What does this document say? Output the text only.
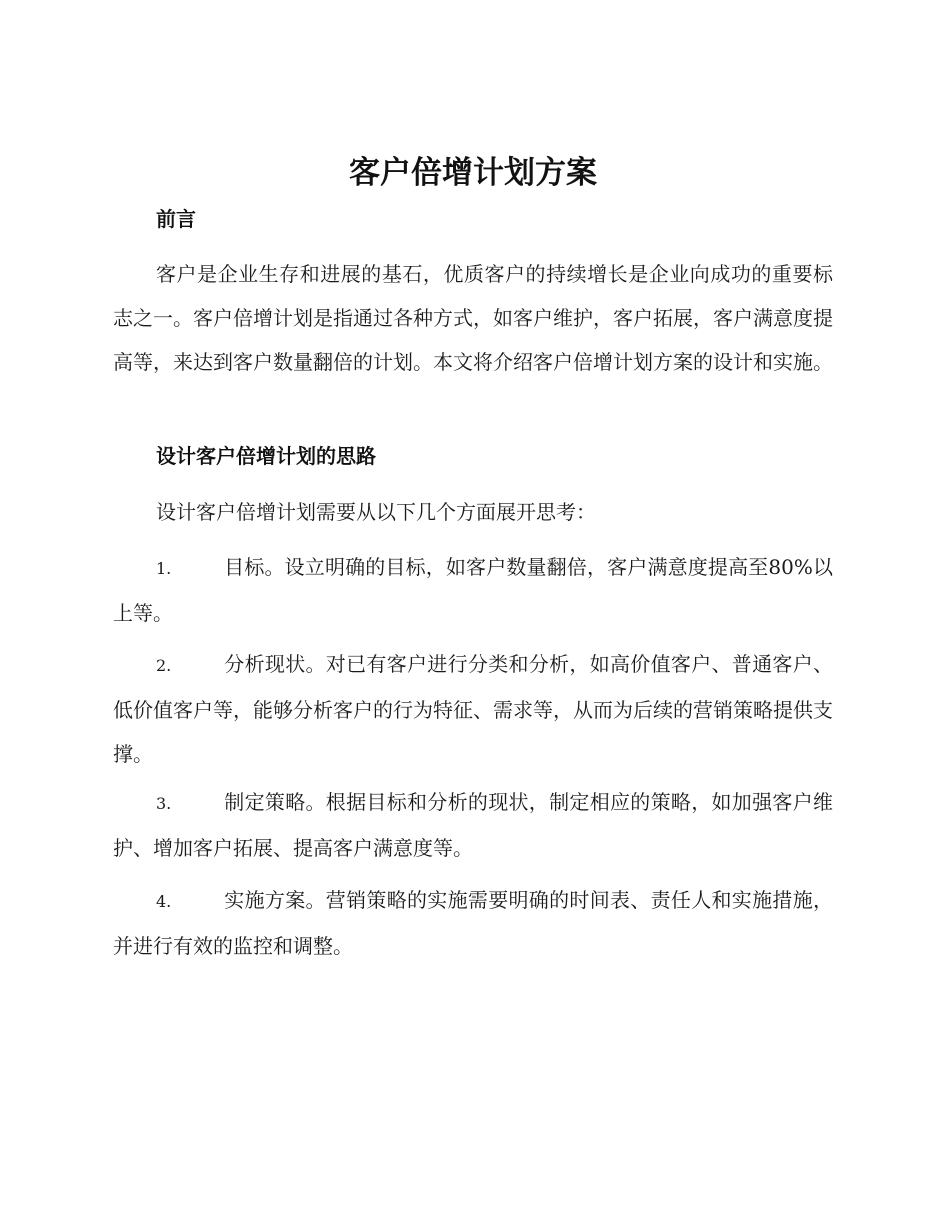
客户倍增计划方案
前言

客户是企业生存和进展的基石，优质客户的持续增长是企业向成功的重要标志之一。客户倍增计划是指通过各种方式，如客户维护，客户拓展，客户满意度提高等，来达到客户数量翻倍的计划。本文将介绍客户倍增计划方案的设计和实施。

设计客户倍增计划的思路

设计客户倍增计划需要从以下几个方面展开思考：

1.	目标。设立明确的目标，如客户数量翻倍，客户满意度提高至80%以上等。

2.	分析现状。对已有客户进行分类和分析，如高价值客户、普通客户、低价值客户等，能够分析客户的行为特征、需求等，从而为后续的营销策略提供支撑。

3.	制定策略。根据目标和分析的现状，制定相应的策略，如加强客户维护、增加客户拓展、提高客户满意度等。

4.	实施方案。营销策略的实施需要明确的时间表、责任人和实施措施，并进行有效的监控和调整。
